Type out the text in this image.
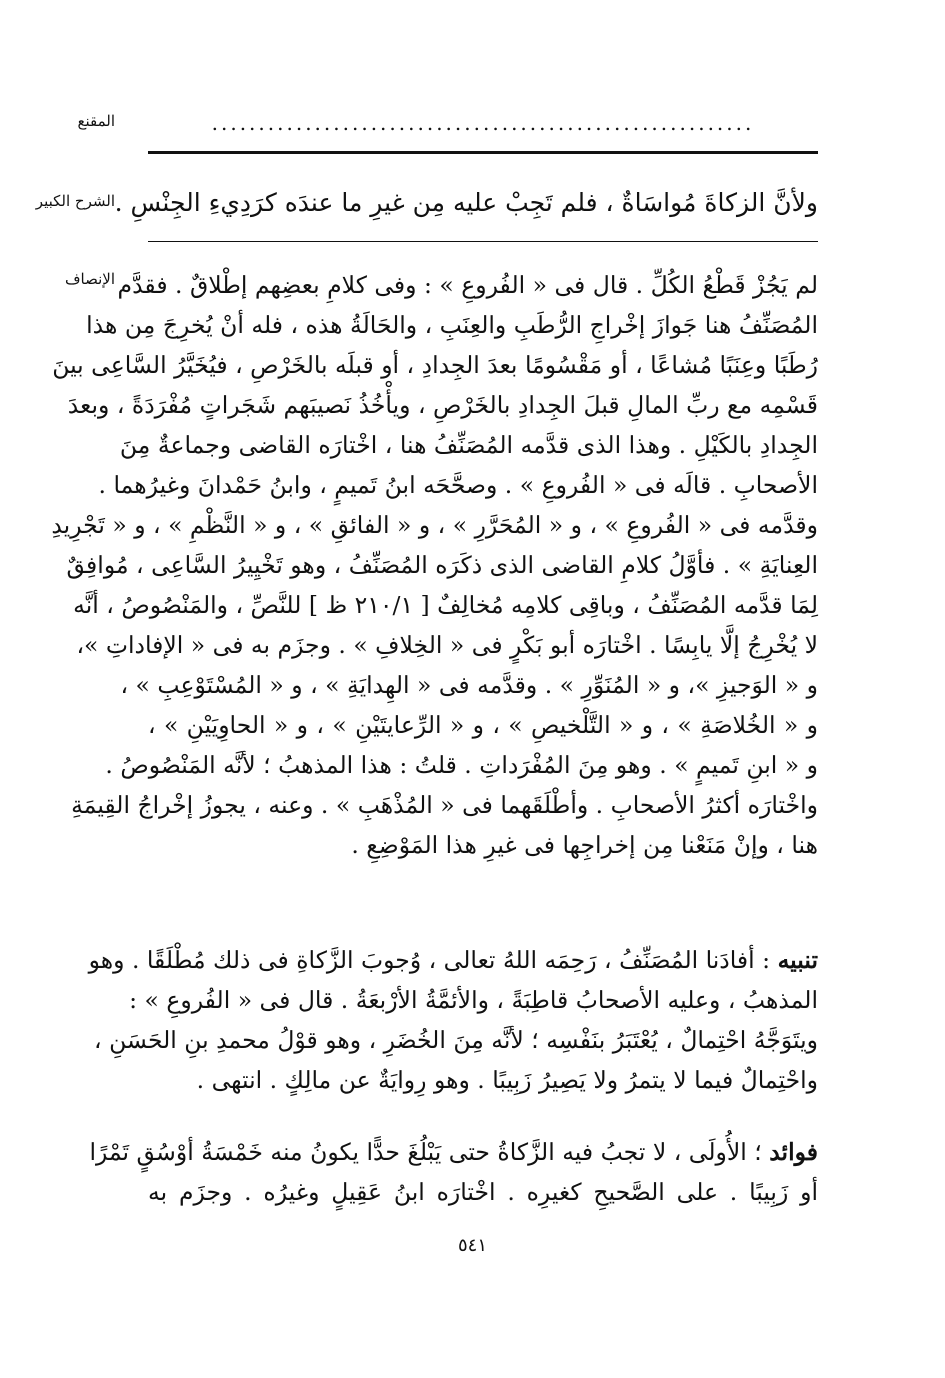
المقنع	..........................................................
الشرح الكبير ولأنَّ الزكاةَ مُواسَاةٌ ، فلم تَجِبْ عليه مِن غيرِ ما عندَه كرَدِيءِ الجِنْسِ .
الإنصاف لم يَجُزْ قَطْعُ الكُلِّ . قال فى « الفُروعِ » : وفى كلامِ بعضِهم إطْلاقٌ . فقدَّم
المُصَنِّفُ هنا جَوازَ إخْراجِ الرُّطَبِ والعِنَبِ ، والحَالَةُ هذه ، فله أنْ يُخرِجَ مِن هذا
رُطَبًا وعِنَبًا مُشاعًا ، أو مَقْسُومًا بعدَ الجِدادِ ، أو قبلَه بالخَرْصِ ، فيُخَيَّرُ السَّاعِى بينَ
قَسْمِه مع ربِّ المالِ قبلَ الجِدادِ بالخَرْصِ ، ويأْخُذُ نَصيبَهم شَجَراتٍ مُفْرَدَةً ، وبعدَ
الجِدادِ بالكَيْلِ . وهذا الذى قدَّمه المُصَنِّفُ هنا ، اخْتارَه القاضى وجماعةٌ مِنَ
الأصحابِ . قالَه فى « الفُروعِ » . وصحَّحَه ابنُ تَميمٍ ، وابنُ حَمْدانَ وغيرُهما .
وقدَّمه فى « الفُروعِ » ، و « المُحَرَّرِ » ، و « الفائقِ » ، و « النَّظْمِ » ، و « تَجْرِيدِ
العِنايَةِ » . فأوَّلُ كلامِ القاضى الذى ذكَرَه المُصَنِّفُ ، وهو تَخْيِيرُ السَّاعِى ، مُوافِقٌ
لِمَا قدَّمه المُصَنِّفُ ، وباقِى كلامِه مُخالِفٌ [ ٢١٠/١ ظ ] للنَّصِّ ، والمَنْصُوصُ ، أنَّه
لا يُخْرِجُ إلَّا يابِسًا . اخْتارَه أبو بَكْرٍ فى « الخِلافِ » . وجزَم به فى « الإفاداتِ »،
و « الوَجيزِ »، و « المُنَوِّرِ » . وقدَّمه فى « الهِدايَةِ » ، و « المُسْتَوْعِبِ » ،
و « الخُلاصَةِ » ، و « التَّلْخيصِ » ، و « الرِّعايتَيْنِ » ، و « الحاوِيَيْنِ » ،
و « ابنِ تَميمٍ » . وهو مِنَ المُفْرَداتِ . قلتُ : هذا المذهبُ ؛ لأنَّه المَنْصُوصُ .
واخْتارَه أكثرُ الأصحابِ . وأطْلَقَهما فى « المُذْهَبِ » . وعنه ، يجوزُ إخْراجُ القِيمَةِ
هنا ، وإنْ مَنَعْنا مِن إخراجِها فى غيرِ هذا المَوْضِعِ .
تنبيه : أفادَنا المُصَنِّفُ ، رَحِمَه اللهُ تعالى ، وُجوبَ الزَّكاةِ فى ذلك مُطْلَقًا . وهو
المذهبُ ، وعليه الأصحابُ قاطِبَةً ، والأئمَّةُ الأرْبعَةُ . قال فى « الفُروعِ » :
ويتَوَجَّهُ احْتِمالٌ ، يُعْتَبَرُ بنَفْسِه ؛ لأنَّه مِنَ الخُضَرِ ، وهو قوْلُ محمدِ بنِ الحَسَنِ ،
واحْتِمالٌ فيما لا يتمرُ ولا يَصِيرُ زَبِيبًا . وهو رِوايَةٌ عن مالِكٍ . انتهى .
فوائد ؛ الأُولَى ، لا تجبُ فيه الزَّكاةُ حتى يَبْلُغَ حدًّا يكونُ منه خَمْسَةُ أوْسُقٍ تَمْرًا
أو زَبِيبًا . على الصَّحيحِ كغيرِه . اخْتارَه ابنُ عَقِيلٍ وغيرُه . وجزَم به
٥٤١
